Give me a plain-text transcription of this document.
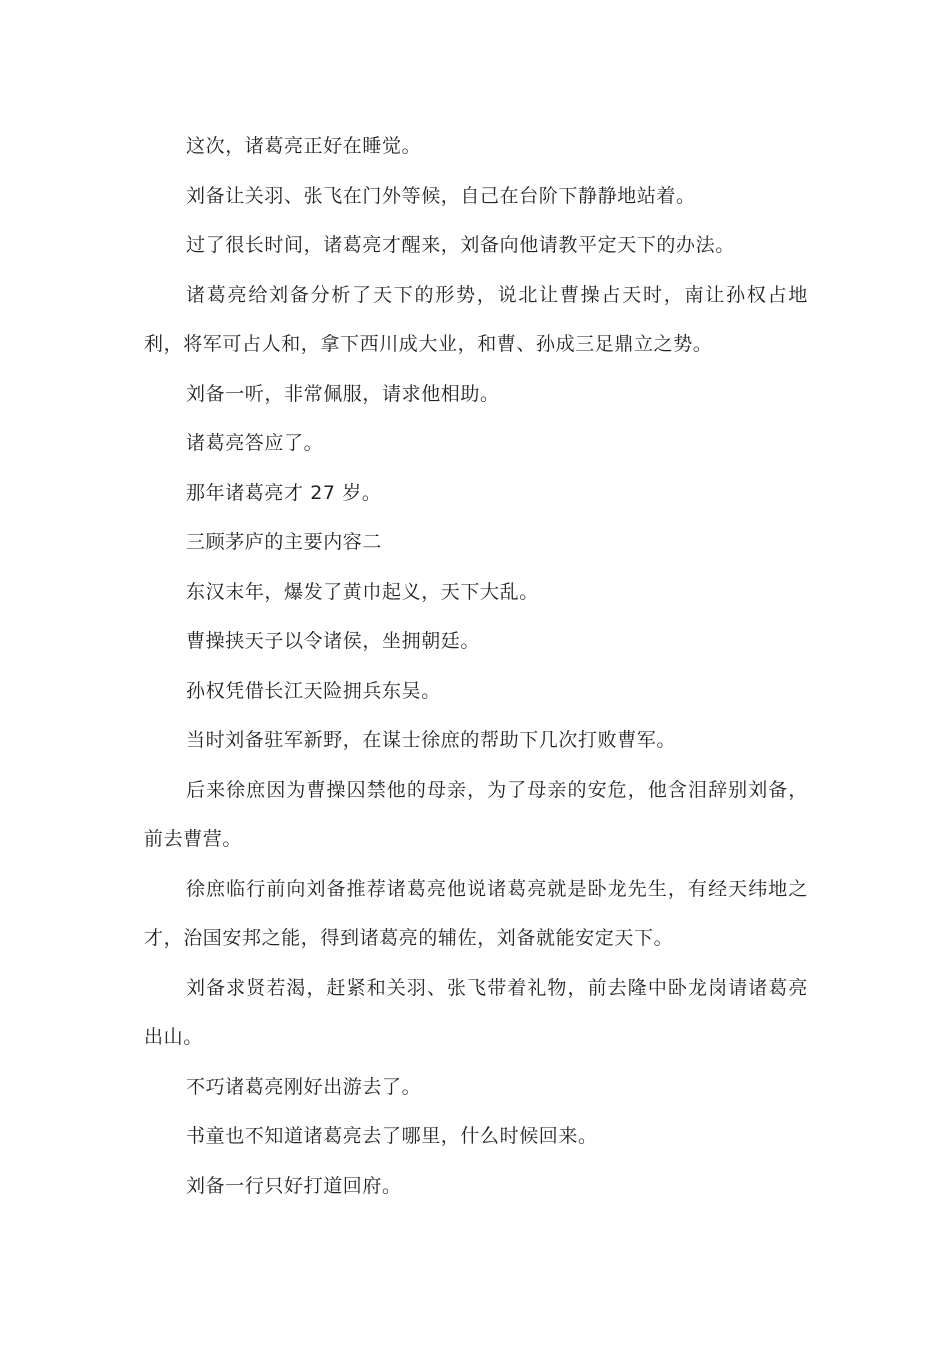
这次，诸葛亮正好在睡觉。

刘备让关羽、张飞在门外等候，自己在台阶下静静地站着。

过了很长时间，诸葛亮才醒来，刘备向他请教平定天下的办法。

诸葛亮给刘备分析了天下的形势，说北让曹操占天时，南让孙权占地利，将军可占人和，拿下西川成大业，和曹、孙成三足鼎立之势。

刘备一听，非常佩服，请求他相助。

诸葛亮答应了。

那年诸葛亮才 27 岁。

三顾茅庐的主要内容二

东汉末年，爆发了黄巾起义，天下大乱。

曹操挟天子以令诸侯，坐拥朝廷。

孙权凭借长江天险拥兵东吴。

当时刘备驻军新野，在谋士徐庶的帮助下几次打败曹军。

后来徐庶因为曹操囚禁他的母亲，为了母亲的安危，他含泪辞别刘备，前去曹营。

徐庶临行前向刘备推荐诸葛亮他说诸葛亮就是卧龙先生，有经天纬地之才，治国安邦之能，得到诸葛亮的辅佐，刘备就能安定天下。

刘备求贤若渴，赶紧和关羽、张飞带着礼物，前去隆中卧龙岗请诸葛亮出山。

不巧诸葛亮刚好出游去了。

书童也不知道诸葛亮去了哪里，什么时候回来。

刘备一行只好打道回府。
